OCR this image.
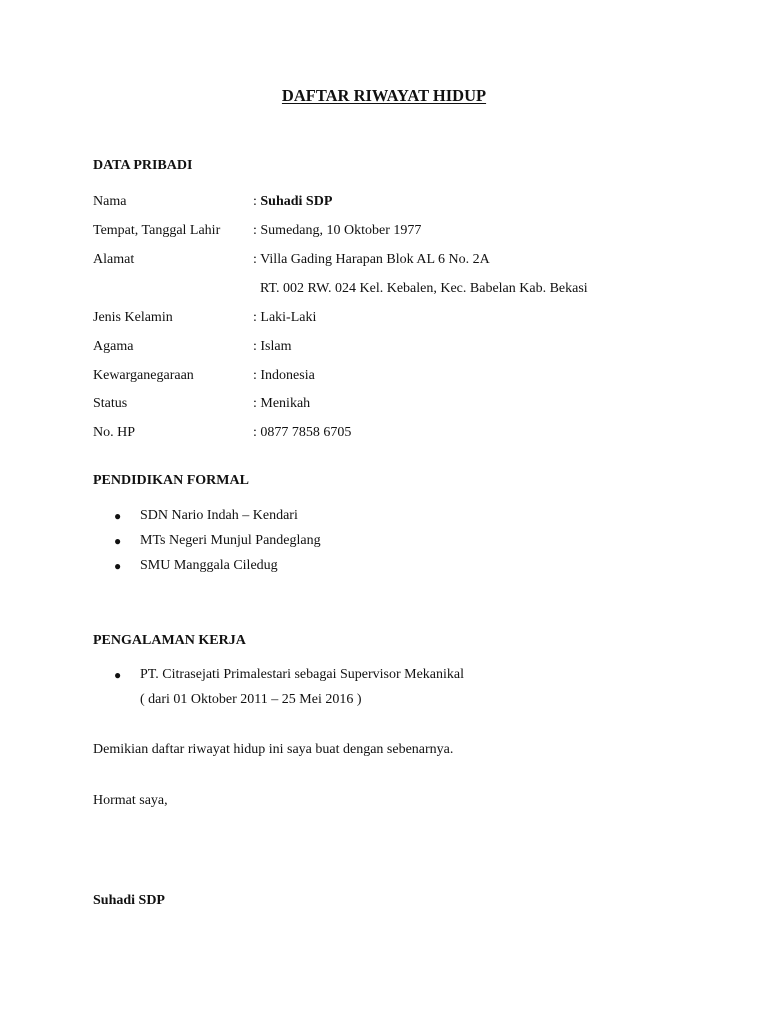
DAFTAR RIWAYAT HIDUP
DATA PRIBADI
Nama	: Suhadi SDP
Tempat, Tanggal Lahir : Sumedang, 10 Oktober 1977
Alamat	: Villa Gading Harapan Blok AL 6 No. 2A
RT. 002 RW. 024 Kel. Kebalen, Kec. Babelan Kab. Bekasi
Jenis Kelamin	: Laki-Laki
Agama	: Islam
Kewarganegaraan	: Indonesia
Status	: Menikah
No. HP	: 0877 7858 6705
PENDIDIKAN FORMAL
● SDN Nario Indah – Kendari
● MTs Negeri Munjul Pandeglang
● SMU Manggala Ciledug
PENGALAMAN KERJA
● PT. Citrasejati Primalestari sebagai Supervisor Mekanikal
( dari 01 Oktober 2011 – 25 Mei 2016 )
Demikian daftar riwayat hidup ini saya buat dengan sebenarnya.
Hormat saya,
Suhadi SDP
